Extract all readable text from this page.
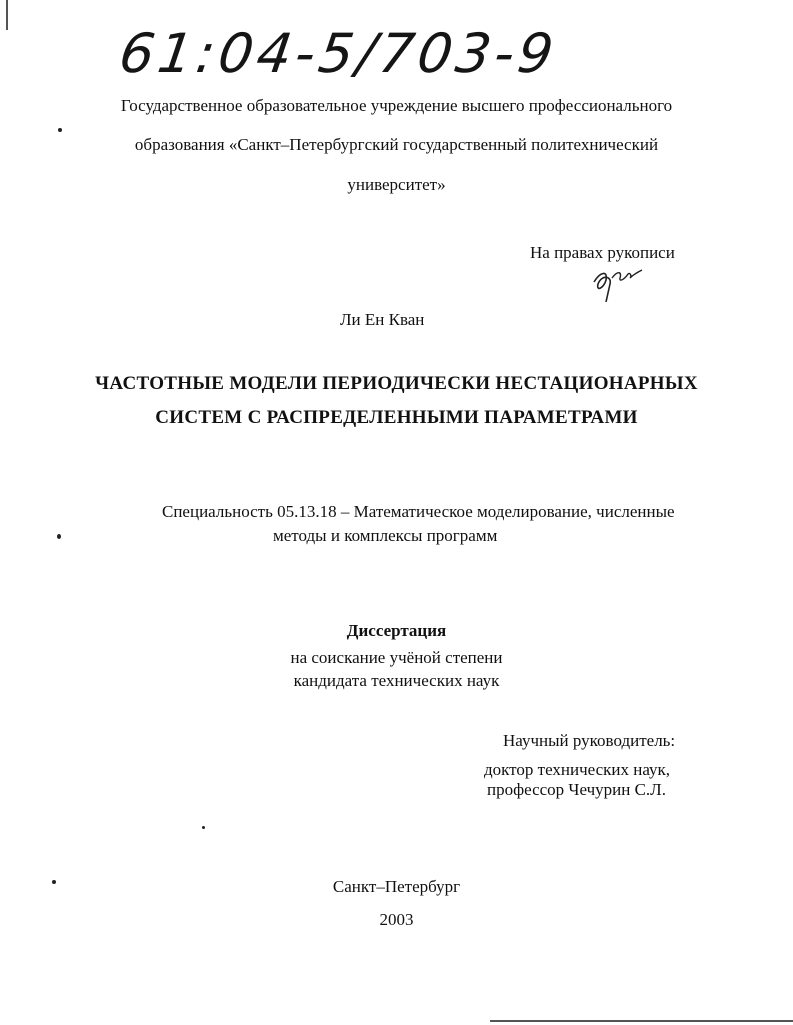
61:04-5/703-9
Государственное образовательное учреждение высшего профессионального
образования «Санкт–Петербургский государственный политехнический
университет»
На правах рукописи
Ли Ен Кван
ЧАСТОТНЫЕ МОДЕЛИ ПЕРИОДИЧЕСКИ НЕСТАЦИОНАРНЫХ
СИСТЕМ С РАСПРЕДЕЛЕННЫМИ ПАРАМЕТРАМИ
Специальность 05.13.18 – Математическое моделирование, численные
методы и комплексы программ
Диссертация
на соискание учёной степени
кандидата технических наук
Научный руководитель:
доктор технических наук,
профессор Чечурин С.Л.
Санкт–Петербург
2003
